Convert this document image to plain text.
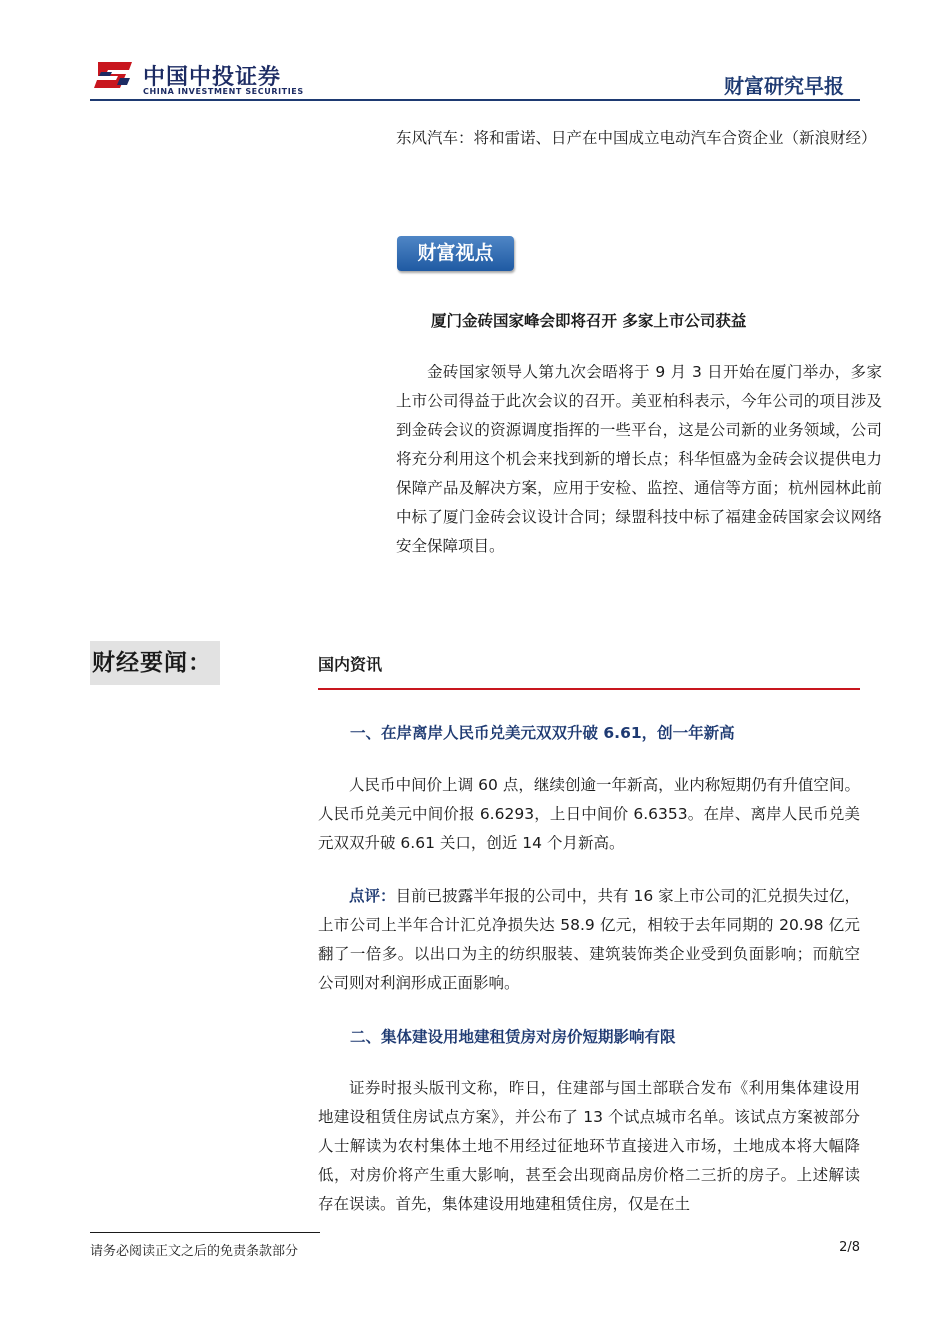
中国中投证券
CHINA INVESTMENT SECURITIES	财富研究早报

东风汽车：将和雷诺、日产在中国成立电动汽车合资企业（新浪财经）

财富视点
厦门金砖国家峰会即将召开 多家上市公司获益

金砖国家领导人第九次会晤将于 9 月 3 日开始在厦门举办，多家上市公司得益于此次会议的召开。美亚柏科表示，今年公司的项目涉及到金砖会议的资源调度指挥的一些平台，这是公司新的业务领域，公司将充分利用这个机会来找到新的增长点；科华恒盛为金砖会议提供电力保障产品及解决方案，应用于安检、监控、通信等方面；杭州园林此前中标了厦门金砖会议设计合同；绿盟科技中标了福建金砖国家会议网络安全保障项目。

财经要闻：	国内资讯
一、在岸离岸人民币兑美元双双升破 6.61，创一年新高

人民币中间价上调 60 点，继续创逾一年新高，业内称短期仍有升值空间。人民币兑美元中间价报 6.6293，上日中间价 6.6353。在岸、离岸人民币兑美元双双升破 6.61 关口，创近 14 个月新高。

点评：目前已披露半年报的公司中，共有 16 家上市公司的汇兑损失过亿，上市公司上半年合计汇兑净损失达 58.9 亿元，相较于去年同期的 20.98 亿元翻了一倍多。以出口为主的纺织服装、建筑装饰类企业受到负面影响；而航空公司则对利润形成正面影响。

二、集体建设用地建租赁房对房价短期影响有限

证券时报头版刊文称，昨日，住建部与国土部联合发布《利用集体建设用地建设租赁住房试点方案》，并公布了 13 个试点城市名单。该试点方案被部分人士解读为农村集体土地不用经过征地环节直接进入市场，土地成本将大幅降低，对房价将产生重大影响，甚至会出现商品房价格二三折的房子。上述解读存在误读。首先，集体建设用地建租赁住房，仅是在土

请务必阅读正文之后的免责条款部分	2/8
